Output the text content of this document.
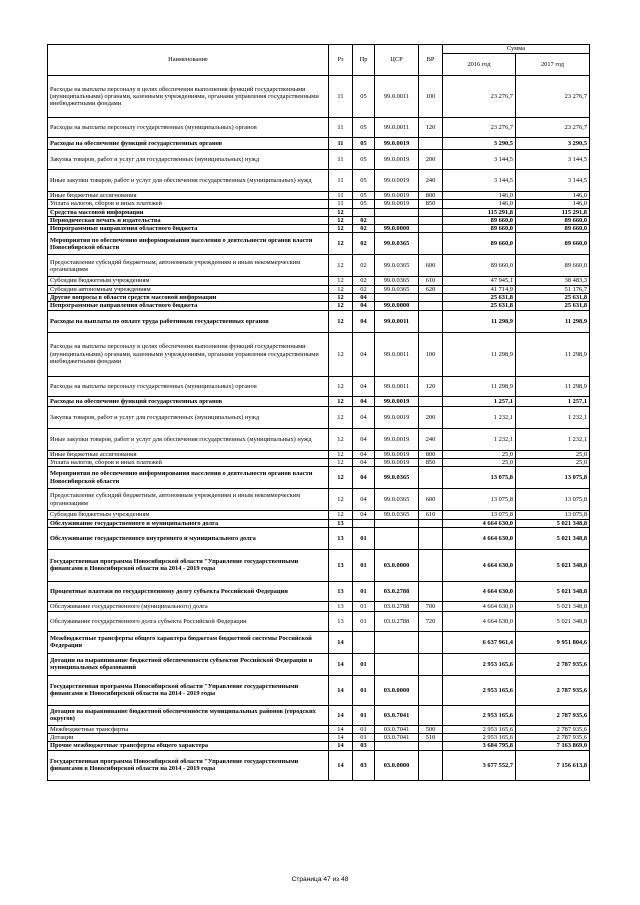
Наименование	Рз	Пр	ЦСР	ВР	Сумма	
					2016 год	2017 год
Расходы на выплаты персоналу в целях обеспечения выполнения функций государственными (муниципальными) органами, казенными учреждениями, органами управления государственными внебюджетными фондами	11	05	99.0.0011	100	23 276,7	23 276,7
Расходы на выплаты персоналу государственных (муниципальных) органов	11	05	99.0.0011	120	23 276,7	23 276,7
Расходы на обеспечение функций государственных органов	11	05	99.0.0019		3 290,5	3 290,5
Закупка товаров, работ и услуг для государственных (муниципальных) нужд	11	05	99.0.0019	200	3 144,5	3 144,5
Иные закупки товаров, работ и услуг для обеспечения государственных (муниципальных) нужд	11	05	99.0.0019	240	3 144,5	3 144,5
Иные бюджетные ассигнования	11	05	99.0.0019	800	146,0	146,0
Уплата налогов, сборов и иных платежей	11	05	99.0.0019	850	146,0	146,0
Средства массовой информации	12				115 291,8	115 291,8
Периодическая печать и издательства	12	02			89 660,0	89 660,0
Непрограммные направления областного бюджета	12	02	99.0.0000		89 660,0	89 660,0
Мероприятия по обеспечению информирования населения о деятельности органов власти Новосибирской области	12	02	99.0.0365		89 660,0	89 660,0
Предоставление субсидий бюджетным, автономным учреждениям и иным некоммерческим организациям	12	02	99.0.0365	600	89 660,0	89 660,0
Субсидии бюджетным учреждениям	12	02	99.0.0365	610	47 945,1	38 483,3
Субсидии автономным учреждениям	12	02	99.0.0365	620	41 714,9	51 176,7
Другие вопросы в области средств массовой информации	12	04			25 631,8	25 631,8
Непрограммные направления областного бюджета	12	04	99.0.0000		25 631,8	25 631,8
Расходы на выплаты по оплате труда работников государственных органов	12	04	99.0.0011		11 298,9	11 298,9
Расходы на выплаты персоналу в целях обеспечения выполнения функций государственными (муниципальными) органами, казенными учреждениями, органами управления государственными внебюджетными фондами	12	04	99.0.0011	100	11 298,9	11 298,9
Расходы на выплаты персоналу государственных (муниципальных) органов	12	04	99.0.0011	120	11 298,9	11 298,9
Расходы на обеспечение функций государственных органов	12	04	99.0.0019		1 257,1	1 257,1
Закупка товаров, работ и услуг для государственных (муниципальных) нужд	12	04	99.0.0019	200	1 232,1	1 232,1
Иные закупки товаров, работ и услуг для обеспечения государственных (муниципальных) нужд	12	04	99.0.0019	240	1 232,1	1 232,1
Иные бюджетные ассигнования	12	04	99.0.0019	800	25,0	25,0
Уплата налогов, сборов и иных платежей	12	04	99.0.0019	850	25,0	25,0
Мероприятия по обеспечению информирования населения о деятельности органов власти Новосибирской области	12	04	99.0.0365		13 075,8	13 075,8
Предоставление субсидий бюджетным, автономным учреждениям и иным некоммерческим организациям	12	04	99.0.0365	600	13 075,8	13 075,8
Субсидии бюджетным учреждениям	12	04	99.0.0365	610	13 075,8	13 075,8
Обслуживание государственного и муниципального долга	13				4 664 630,0	5 021 348,8
Обслуживание государственного внутреннего и муниципального долга	13	01			4 664 630,0	5 021 348,8
Государственная программа Новосибирской области "Управление государственными финансами в Новосибирской области на 2014 - 2019 годы	13	01	03.0.0000		4 664 630,0	5 021 348,8
Процентные платежи по государственному долгу субъекта Российской Федерации	13	01	03.0.2788		4 664 630,0	5 021 348,8
Обслуживание государственного (муниципального) долга	13	01	03.0.2788	700	4 664 630,0	5 021 348,8
Обслуживание государственного долга субъекта Российской Федерации	13	01	03.0.2788	720	4 664 630,0	5 021 348,8
Межбюджетные трансферты общего характера бюджетам бюджетной системы Российской Федерации	14				6 637 961,4	9 951 804,6
Дотации на выравнивание бюджетной обеспеченности субъектов Российской Федерации и муниципальных образований	14	01			2 953 165,6	2 787 935,6
Государственная программа Новосибирской области "Управление государственными финансами в Новосибирской области на 2014 - 2019 годы	14	01	03.0.0000		2 953 165,6	2 787 935,6
Дотация на выравнивание бюджетной обеспеченности муниципальных районов (городских округов)	14	01	03.0.7041		2 953 165,6	2 787 935,6
Межбюджетные трансферты	14	01	03.0.7041	500	2 953 165,6	2 787 935,6
Дотации	14	01	03.0.7041	510	2 953 165,6	2 787 935,6
Прочие межбюджетные трансферты общего характера	14	03			3 684 795,8	7 163 869,0
Государственная программа Новосибирской области "Управление государственными финансами в Новосибирской области на 2014 - 2019 годы	14	03	03.0.0000		3 677 552,7	7 156 613,8
Страница 47 из 48
